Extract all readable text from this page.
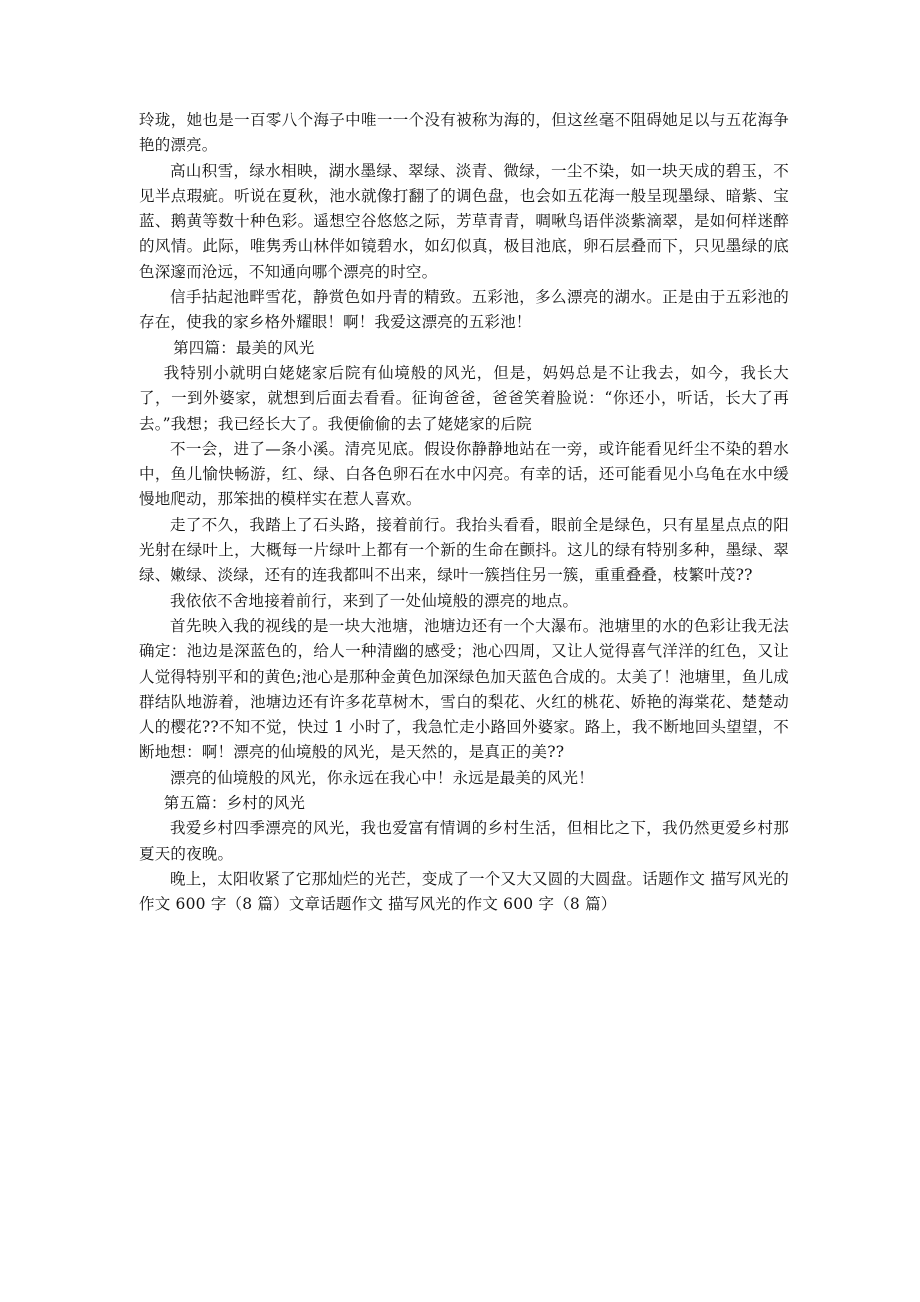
玲珑，她也是一百零八个海子中唯一一个没有被称为海的，但这丝毫不阻碍她足以与五花海争艳的漂亮。

高山积雪，绿水相映，湖水墨绿、翠绿、淡青、微绿，一尘不染，如一块天成的碧玉，不见半点瑕疵。听说在夏秋，池水就像打翻了的调色盘，也会如五花海一般呈现墨绿、暗紫、宝蓝、鹅黄等数十种色彩。遥想空谷悠悠之际，芳草青青，啁啾鸟语伴淡紫滴翠，是如何样迷醉的风情。此际，唯隽秀山林伴如镜碧水，如幻似真，极目池底，卵石层叠而下，只见墨绿的底色深邃而沧远，不知通向哪个漂亮的时空。

信手拈起池畔雪花，静赏色如丹青的精致。五彩池，多么漂亮的湖水。正是由于五彩池的存在，使我的家乡格外耀眼！啊！我爱这漂亮的五彩池！

第四篇：最美的风光

我特别小就明白姥姥家后院有仙境般的风光，但是，妈妈总是不让我去，如今，我长大了，一到外婆家，就想到后面去看看。征询爸爸，爸爸笑着脸说：“你还小，听话，长大了再去。”我想；我已经长大了。我便偷偷的去了姥姥家的后院

不一会，进了—条小溪。清亮见底。假设你静静地站在一旁，或许能看见纤尘不染的碧水中，鱼儿愉快畅游，红、绿、白各色卵石在水中闪亮。有幸的话，还可能看见小乌龟在水中缓慢地爬动，那笨拙的模样实在惹人喜欢。

走了不久，我踏上了石头路，接着前行。我抬头看看，眼前全是绿色，只有星星点点的阳光射在绿叶上，大概每一片绿叶上都有一个新的生命在颤抖。这儿的绿有特别多种，墨绿、翠绿、嫩绿、淡绿，还有的连我都叫不出来，绿叶一簇挡住另一簇，重重叠叠，枝繁叶茂??

我依依不舍地接着前行，来到了一处仙境般的漂亮的地点。

首先映入我的视线的是一块大池塘，池塘边还有一个大瀑布。池塘里的水的色彩让我无法确定：池边是深蓝色的，给人一种清幽的感受；池心四周，又让人觉得喜气洋洋的红色，又让人觉得特别平和的黄色;池心是那种金黄色加深绿色加天蓝色合成的。太美了！池塘里，鱼儿成群结队地游着，池塘边还有许多花草树木，雪白的梨花、火红的桃花、娇艳的海棠花、楚楚动人的樱花??不知不觉，快过 1 小时了，我急忙走小路回外婆家。路上，我不断地回头望望，不断地想：啊！漂亮的仙境般的风光，是天然的，是真正的美??

漂亮的仙境般的风光，你永远在我心中！永远是最美的风光！

第五篇：乡村的风光

我爱乡村四季漂亮的风光，我也爱富有情调的乡村生活，但相比之下，我仍然更爱乡村那夏天的夜晚。

晚上，太阳收紧了它那灿烂的光芒，变成了一个又大又圆的大圆盘。话题作文 描写风光的作文 600 字（8 篇）文章话题作文 描写风光的作文 600 字（8 篇）
